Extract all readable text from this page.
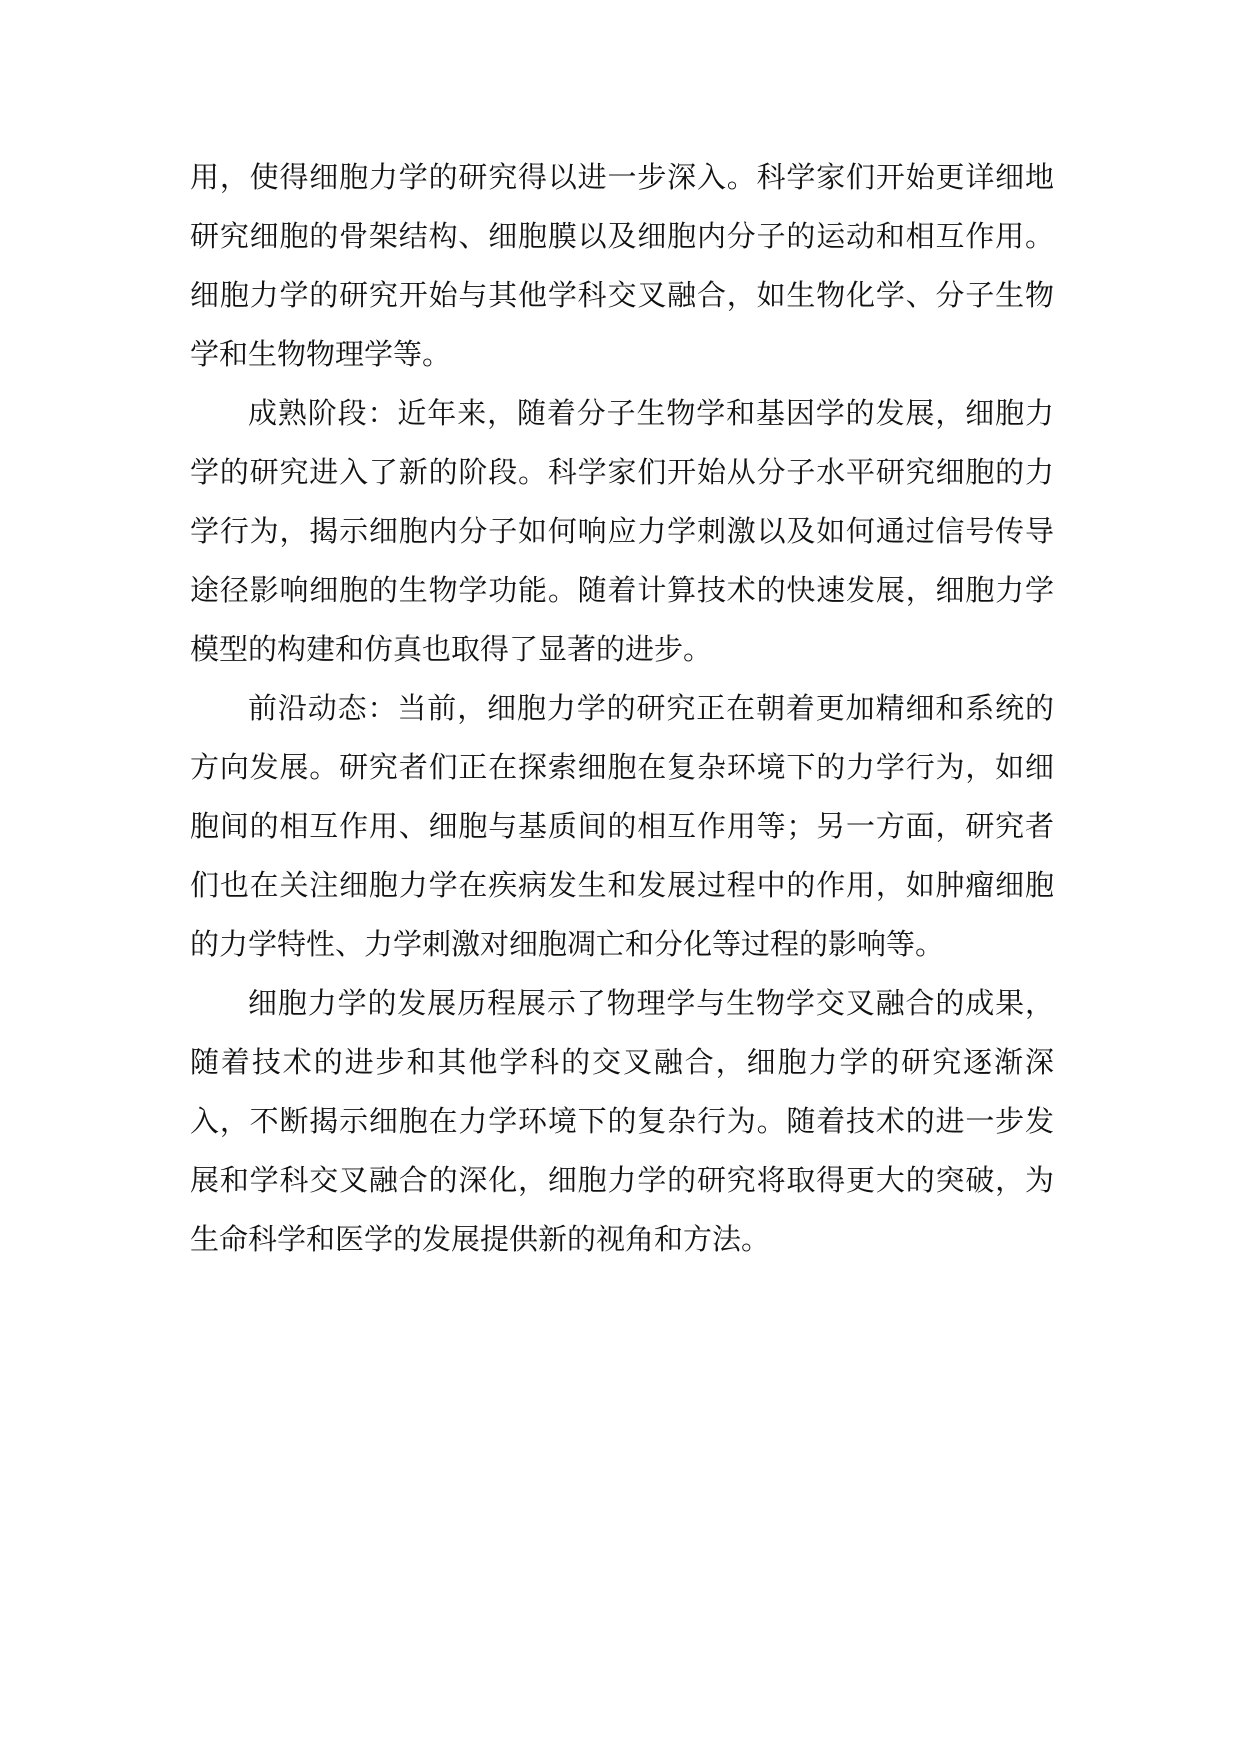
用，使得细胞力学的研究得以进一步深入。科学家们开始更详细地研究细胞的骨架结构、细胞膜以及细胞内分子的运动和相互作用。细胞力学的研究开始与其他学科交叉融合，如生物化学、分子生物学和生物物理学等。

成熟阶段：近年来，随着分子生物学和基因学的发展，细胞力学的研究进入了新的阶段。科学家们开始从分子水平研究细胞的力学行为，揭示细胞内分子如何响应力学刺激以及如何通过信号传导途径影响细胞的生物学功能。随着计算技术的快速发展，细胞力学模型的构建和仿真也取得了显著的进步。

前沿动态：当前，细胞力学的研究正在朝着更加精细和系统的方向发展。研究者们正在探索细胞在复杂环境下的力学行为，如细胞间的相互作用、细胞与基质间的相互作用等；另一方面，研究者们也在关注细胞力学在疾病发生和发展过程中的作用，如肿瘤细胞的力学特性、力学刺激对细胞凋亡和分化等过程的影响等。

细胞力学的发展历程展示了物理学与生物学交叉融合的成果，随着技术的进步和其他学科的交叉融合，细胞力学的研究逐渐深入，不断揭示细胞在力学环境下的复杂行为。随着技术的进一步发展和学科交叉融合的深化，细胞力学的研究将取得更大的突破，为生命科学和医学的发展提供新的视角和方法。
